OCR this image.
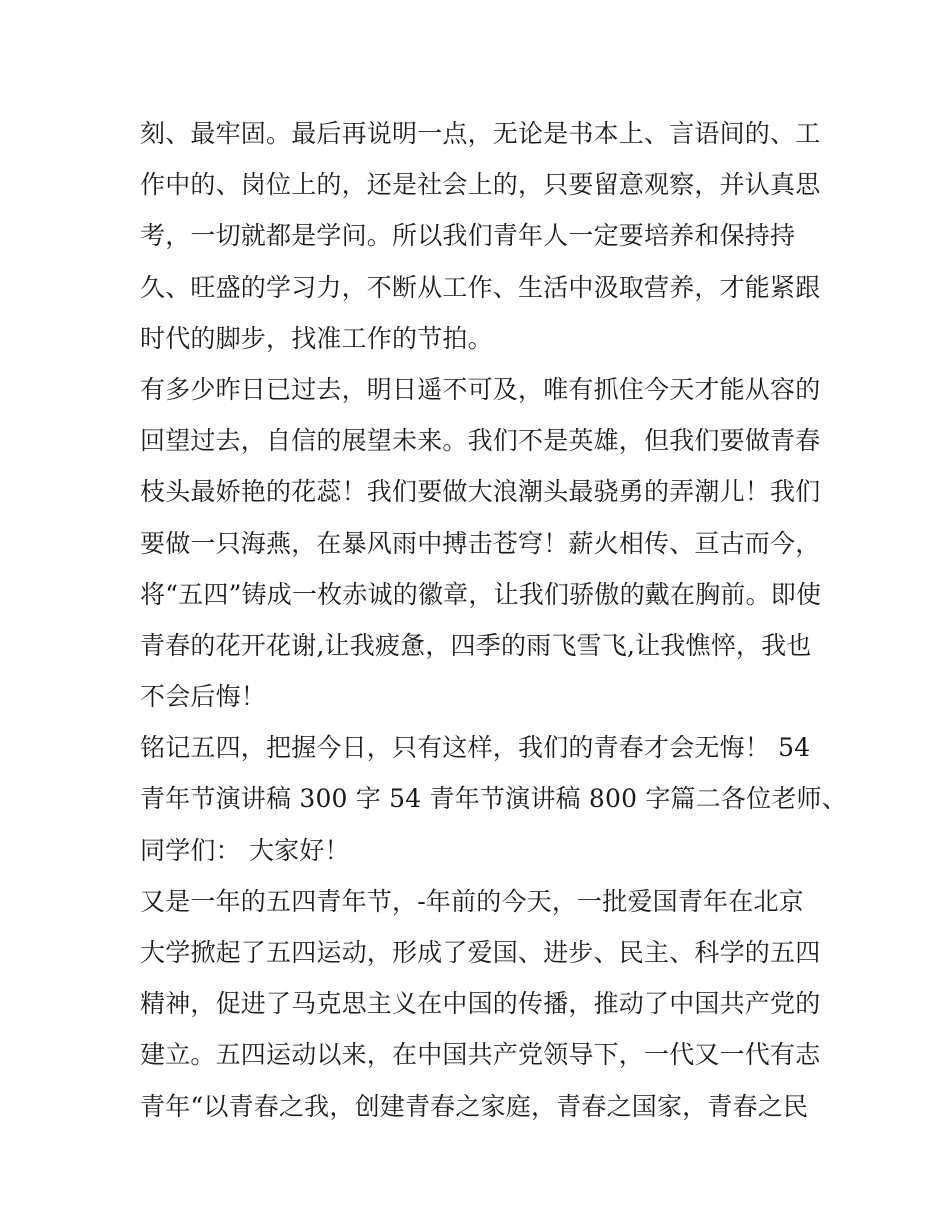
刻、最牢固。最后再说明一点，无论是书本上、言语间的、工
作中的、岗位上的，还是社会上的，只要留意观察，并认真思
考，一切就都是学问。所以我们青年人一定要培养和保持持
久、旺盛的学习力，不断从工作、生活中汲取营养，才能紧跟
时代的脚步，找准工作的节拍。
有多少昨日已过去，明日遥不可及，唯有抓住今天才能从容的
回望过去，自信的展望未来。我们不是英雄，但我们要做青春
枝头最娇艳的花蕊！我们要做大浪潮头最骁勇的弄潮儿！我们
要做一只海燕，在暴风雨中搏击苍穹！薪火相传、亘古而今，
将“五四”铸成一枚赤诚的徽章，让我们骄傲的戴在胸前。即使
青春的花开花谢,让我疲惫，四季的雨飞雪飞,让我憔悴，我也
不会后悔！
铭记五四，把握今日，只有这样，我们的青春才会无悔！ 54
青年节演讲稿 300 字 54 青年节演讲稿 800 字篇二各位老师、
同学们： 大家好！
又是一年的五四青年节，-年前的今天，一批爱国青年在北京
大学掀起了五四运动，形成了爱国、进步、民主、科学的五四
精神，促进了马克思主义在中国的传播，推动了中国共产党的
建立。五四运动以来，在中国共产党领导下，一代又一代有志
青年“以青春之我，创建青春之家庭，青春之国家，青春之民
